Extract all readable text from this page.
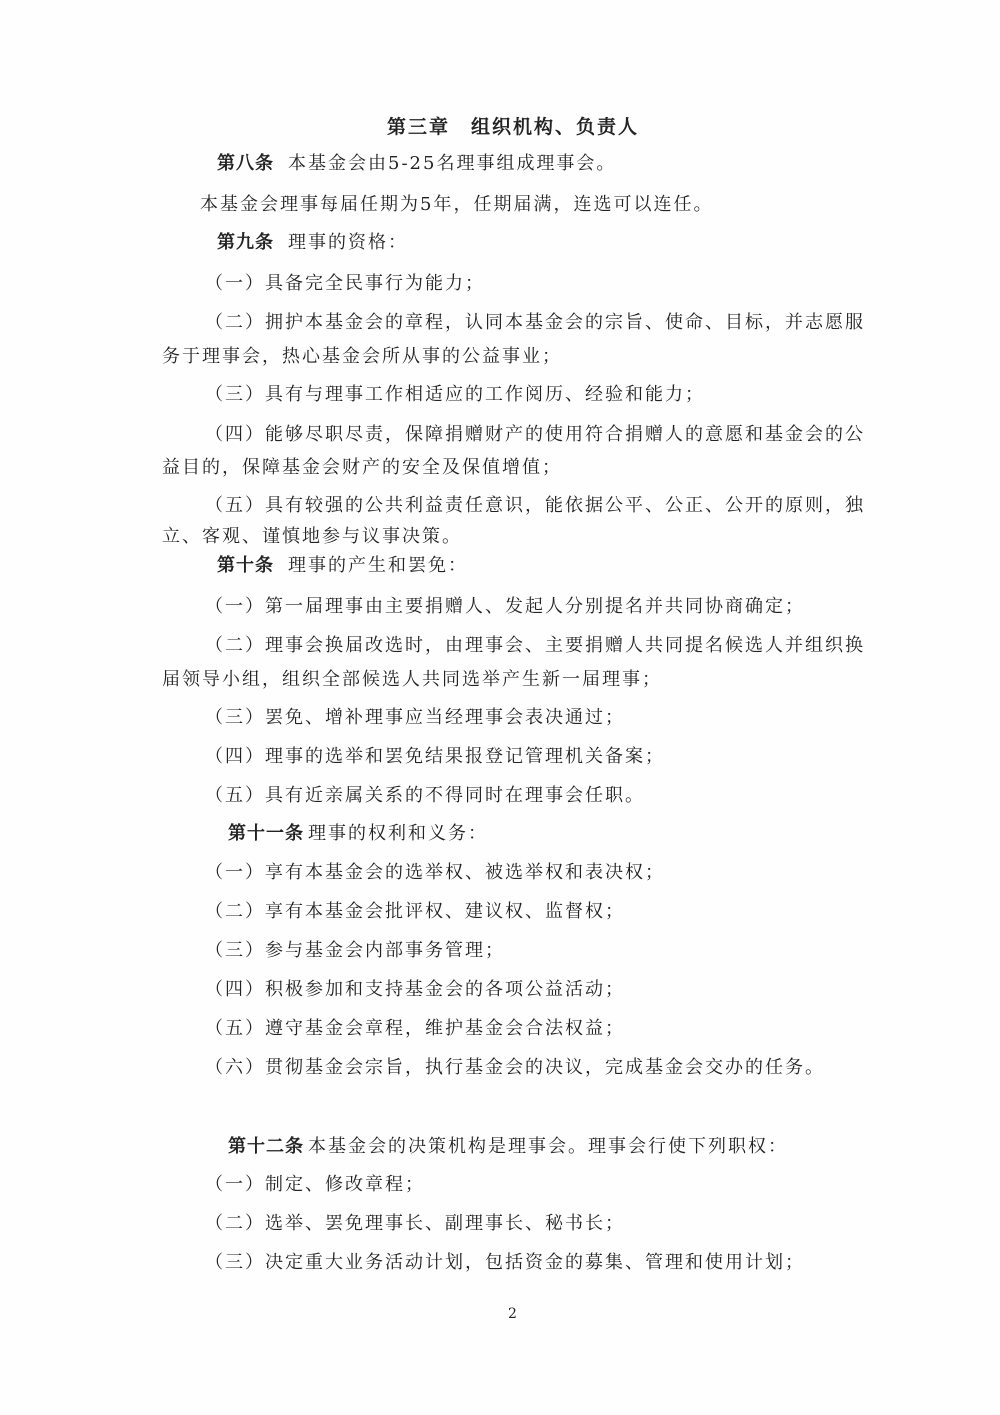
第三章　组织机构、负责人
第八条 本基金会由5-25名理事组成理事会。
本基金会理事每届任期为5年，任期届满，连选可以连任。
第九条 理事的资格：
（一）具备完全民事行为能力；
（二）拥护本基金会的章程，认同本基金会的宗旨、使命、目标，并志愿服
务于理事会，热心基金会所从事的公益事业；
（三）具有与理事工作相适应的工作阅历、经验和能力；
（四）能够尽职尽责，保障捐赠财产的使用符合捐赠人的意愿和基金会的公
益目的，保障基金会财产的安全及保值增值；
（五）具有较强的公共利益责任意识，能依据公平、公正、公开的原则，独
立、客观、谨慎地参与议事决策。
第十条 理事的产生和罢免：
（一）第一届理事由主要捐赠人、发起人分别提名并共同协商确定；
（二）理事会换届改选时，由理事会、主要捐赠人共同提名候选人并组织换
届领导小组，组织全部候选人共同选举产生新一届理事；
（三）罢免、增补理事应当经理事会表决通过；
（四）理事的选举和罢免结果报登记管理机关备案；
（五）具有近亲属关系的不得同时在理事会任职。
第十一条 理事的权利和义务：
（一）享有本基金会的选举权、被选举权和表决权；
（二）享有本基金会批评权、建议权、监督权；
（三）参与基金会内部事务管理；
（四）积极参加和支持基金会的各项公益活动；
（五）遵守基金会章程，维护基金会合法权益；
（六）贯彻基金会宗旨，执行基金会的决议，完成基金会交办的任务。
第十二条 本基金会的决策机构是理事会。理事会行使下列职权：
（一）制定、修改章程；
（二）选举、罢免理事长、副理事长、秘书长；
（三）决定重大业务活动计划，包括资金的募集、管理和使用计划；
2
